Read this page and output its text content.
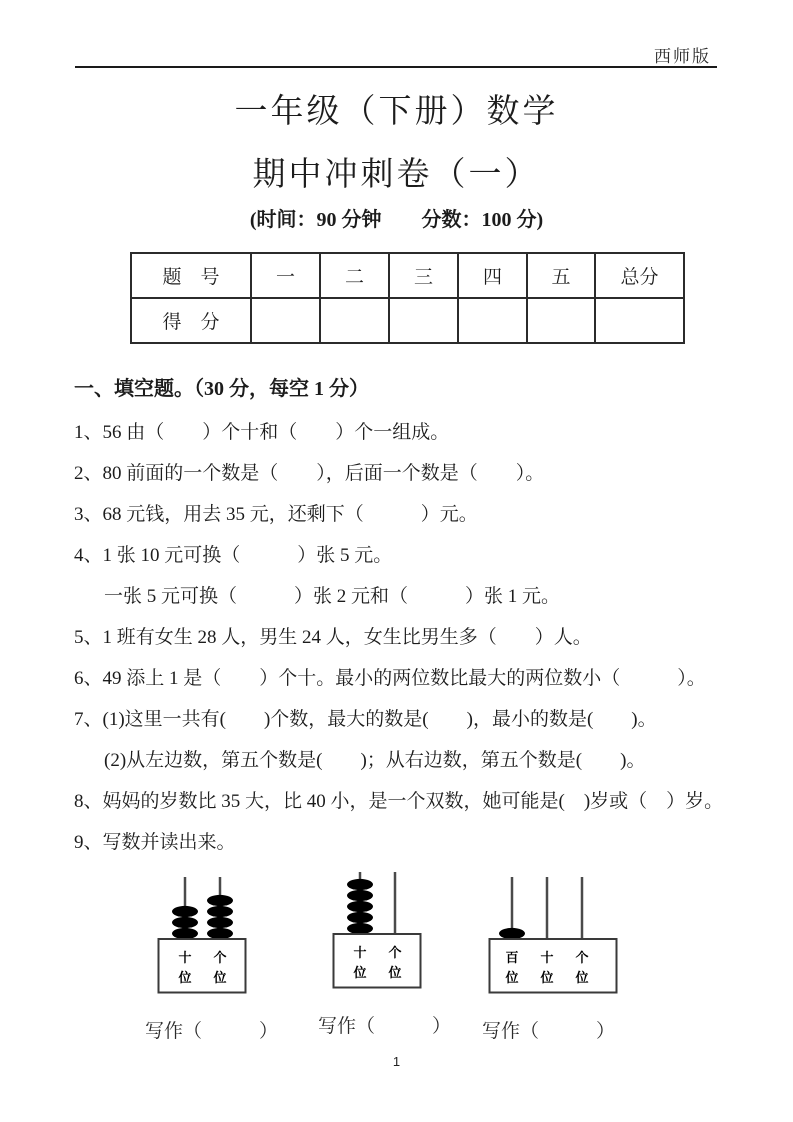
西师版
一年级（下册）数学
期中冲刺卷（一）
(时间：90 分钟　　分数：100 分)
题　号	一	二	三	四	五	总分
得　分						
一、填空题。（30 分，每空 1 分）

1、56 由（　　）个十和（　　）个一组成。

2、80 前面的一个数是（　　），后面一个数是（　　）。

3、68 元钱，用去 35 元，还剩下（　　　）元。

4、1 张 10 元可换（　　　）张 5 元。

一张 5 元可换（　　　）张 2 元和（　　　）张 1 元。

5、1 班有女生 28 人，男生 24 人，女生比男生多（　　）人。

6、49 添上 1 是（　　）个十。最小的两位数比最大的两位数小（　　　）。

7、(1)这里一共有(　　)个数，最大的数是(　　)，最小的数是(　　)。

(2)从左边数，第五个数是(　　)；从右边数，第五个数是(　　)。

8、妈妈的岁数比 35 大，比 40 小，是一个双数，她可能是(　)岁或（　）岁。

9、写数并读出来。

十
位
个
位
写作（　　　）
十
位
个
位
写作（　　　）
百
位
十
位
个
位
写作（　　　）
1
